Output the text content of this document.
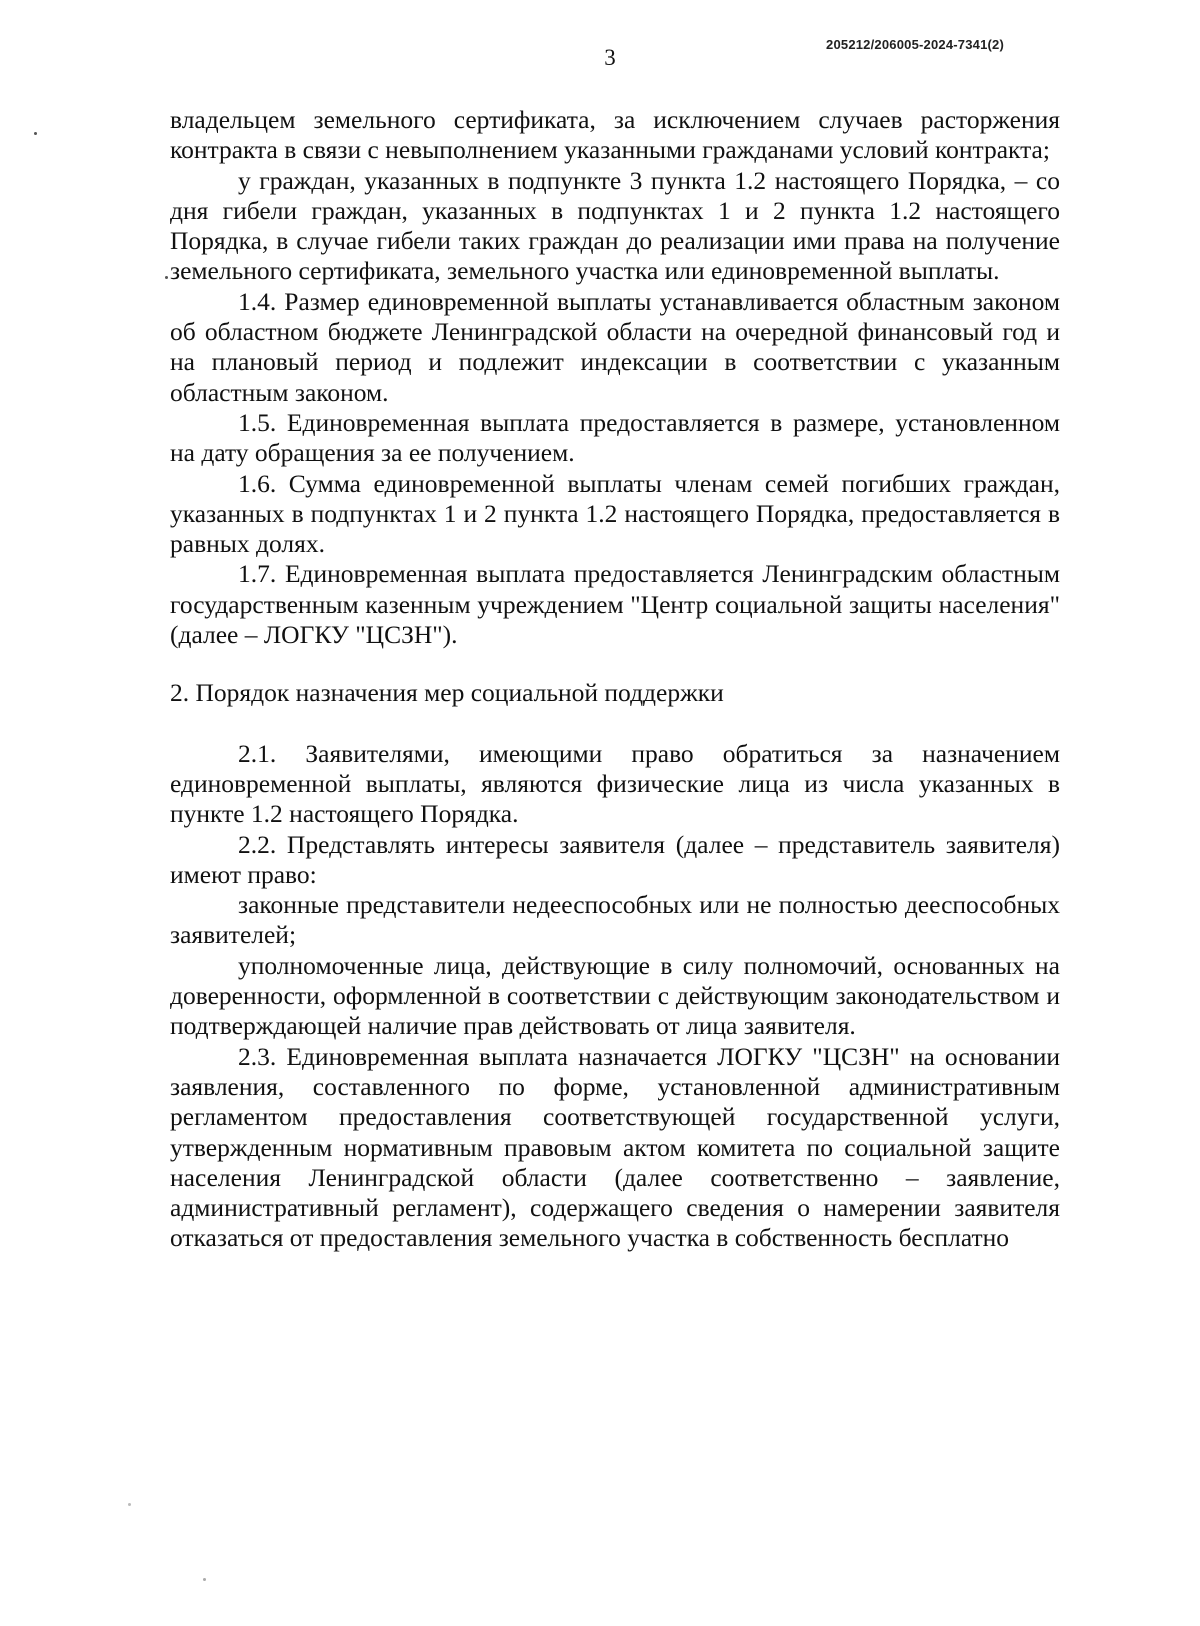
3
205212/206005-2024-7341(2)

владельцем земельного сертификата, за исключением случаев расторжения контракта в связи с невыполнением указанными гражданами условий контракта;

у граждан, указанных в подпункте 3 пункта 1.2 настоящего Порядка, – со дня гибели граждан, указанных в подпунктах 1 и 2 пункта 1.2 настоящего Порядка, в случае гибели таких граждан до реализации ими права на получение земельного сертификата, земельного участка или единовременной выплаты.

1.4. Размер единовременной выплаты устанавливается областным законом об областном бюджете Ленинградской области на очередной финансовый год и на плановый период и подлежит индексации в соответствии с указанным областным законом.

1.5. Единовременная выплата предоставляется в размере, установленном на дату обращения за ее получением.

1.6. Сумма единовременной выплаты членам семей погибших граждан, указанных в подпунктах 1 и 2 пункта 1.2 настоящего Порядка, предоставляется в равных долях.

1.7. Единовременная выплата предоставляется Ленинградским областным государственным казенным учреждением "Центр социальной защиты населения" (далее – ЛОГКУ "ЦСЗН").

2. Порядок назначения мер социальной поддержки

2.1. Заявителями, имеющими право обратиться за назначением единовременной выплаты, являются физические лица из числа указанных в пункте 1.2 настоящего Порядка.

2.2. Представлять интересы заявителя (далее – представитель заявителя) имеют право:

законные представители недееспособных или не полностью дееспособных заявителей;

уполномоченные лица, действующие в силу полномочий, основанных на доверенности, оформленной в соответствии с действующим законодательством и подтверждающей наличие прав действовать от лица заявителя.

2.3. Единовременная выплата назначается ЛОГКУ "ЦСЗН" на основании заявления, составленного по форме, установленной административным регламентом предоставления соответствующей государственной услуги, утвержденным нормативным правовым актом комитета по социальной защите населения Ленинградской области (далее соответственно – заявление, административный регламент), содержащего сведения о намерении заявителя отказаться от предоставления земельного участка в собственность бесплатно
